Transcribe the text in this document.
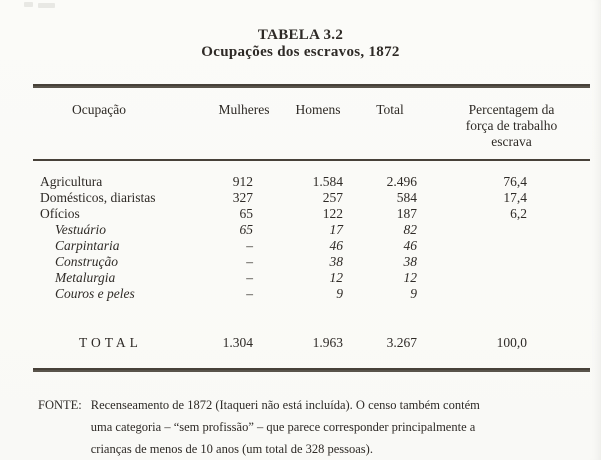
TABELA 3.2
Ocupações dos escravos, 1872
Ocupação	Mulheres	Homens	Total	Percentagem da
força de trabalho
escrava
Agricultura	912	1.584	2.496	76,4
Domésticos, diaristas	327	257	584	17,4
Ofícios	65	122	187	6,2
Vestuário	65	17	82
Carpintaria	–	46	46
Construção	–	38	38
Metalurgia	–	12	12
Couros e peles	–	9	9
TOTAL	1.304	1.963	3.267	100,0
FONTE: Recenseamento de 1872 (Itaqueri não está incluída). O censo também contém
uma categoria – “sem profissão” – que parece corresponder principalmente a
crianças de menos de 10 anos (um total de 328 pessoas).
